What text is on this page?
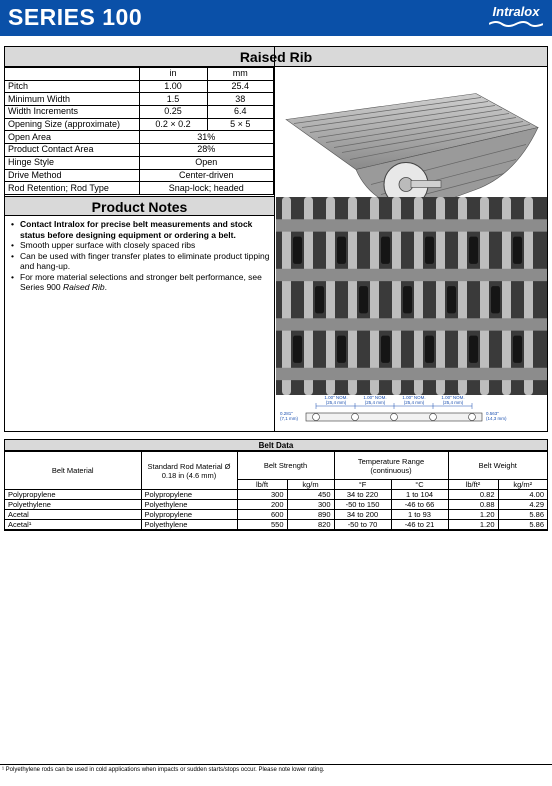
SERIES 100	Intralox
Raised Rib
	in	mm
Pitch	1.00	25.4
Minimum Width	1.5	38
Width Increments	0.25	6.4
Opening Size (approximate)	0.2 × 0.2	5 × 5
Open Area	31%	
Product Contact Area	28%	
Hinge Style	Open	
Drive Method	Center-driven	
Rod Retention; Rod Type	Snap-lock; headed	
Product Notes
• Contact Intralox for precise belt measurements and stock status before designing equipment or ordering a belt.
• Smooth upper surface with closely spaced ribs
• Can be used with finger transfer plates to eliminate product tipping and hang-up.
• For more material selections and stronger belt performance, see Series 900 Raised Rib.
1.00" NOM.
(25,4 mm)
1.00" NOM.
(25,4 mm)
1.00" NOM.
(25,4 mm)
1.00" NOM.
(25,4 mm)
0.281"
(7,1 mm)
0.563"
(14,3 mm)
Belt Data
Belt Material	Standard Rod Material Ø 0.18 in (4.6 mm)	Belt Strength		Temperature Range (continuous)		Belt Weight	
		lb/ft	kg/m	°F	°C	lb/ft²	kg/m²
Polypropylene	Polypropylene	300	450	34 to 220	1 to 104	0.82	4.00
Polyethylene	Polyethylene	200	300	-50 to 150	-46 to 66	0.88	4.29
Acetal	Polypropylene	600	890	34 to 200	1 to 93	1.20	5.86
Acetal¹	Polyethylene	550	820	-50 to 70	-46 to 21	1.20	5.86
¹ Polyethylene rods can be used in cold applications when impacts or sudden starts/stops occur. Please note lower rating.
